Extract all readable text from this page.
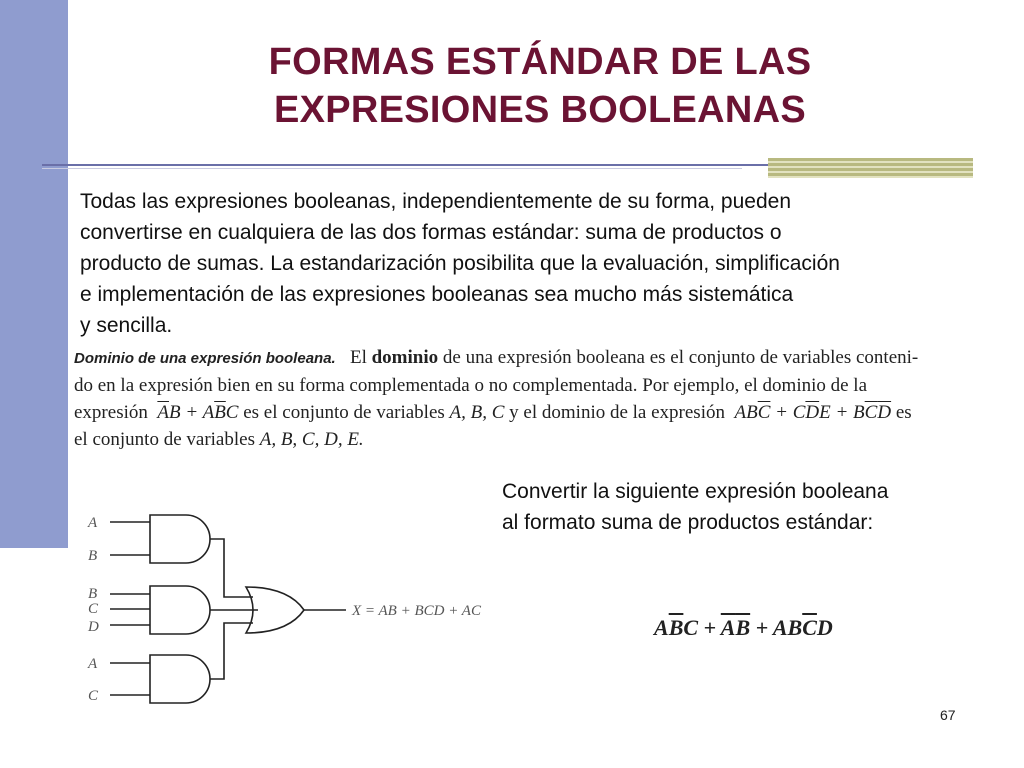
FORMAS ESTÁNDAR DE LAS
EXPRESIONES BOOLEANAS
Todas las expresiones booleanas, independientemente de su forma, pueden
convertirse en cualquiera de las dos formas estándar: suma de productos o
producto de sumas. La estandarización posibilita que la evaluación, simplificación
e implementación de las expresiones booleanas sea mucho más sistemática
y sencilla.
Dominio de una expresión booleana. El dominio de una expresión booleana es el conjunto de variables conteni-
do en la expresión bien en su forma complementada o no complementada. Por ejemplo, el dominio de la
expresión $\overline{A}B + A\overline{B}C$ es el conjunto de variables A, B, C y el dominio de la expresión $AB\overline{C} + C\overline{D}E + B\overline{C}\overline{D}$ es
el conjunto de variables A, B, C, D, E.
Convertir la siguiente expresión booleana
al formato suma de productos estándar:
A
B
B
C
D
A
C
X = AB + BCD + AC
$A\overline{B}C + \overline{A}\overline{B} + AB\overline{C}D$
67
